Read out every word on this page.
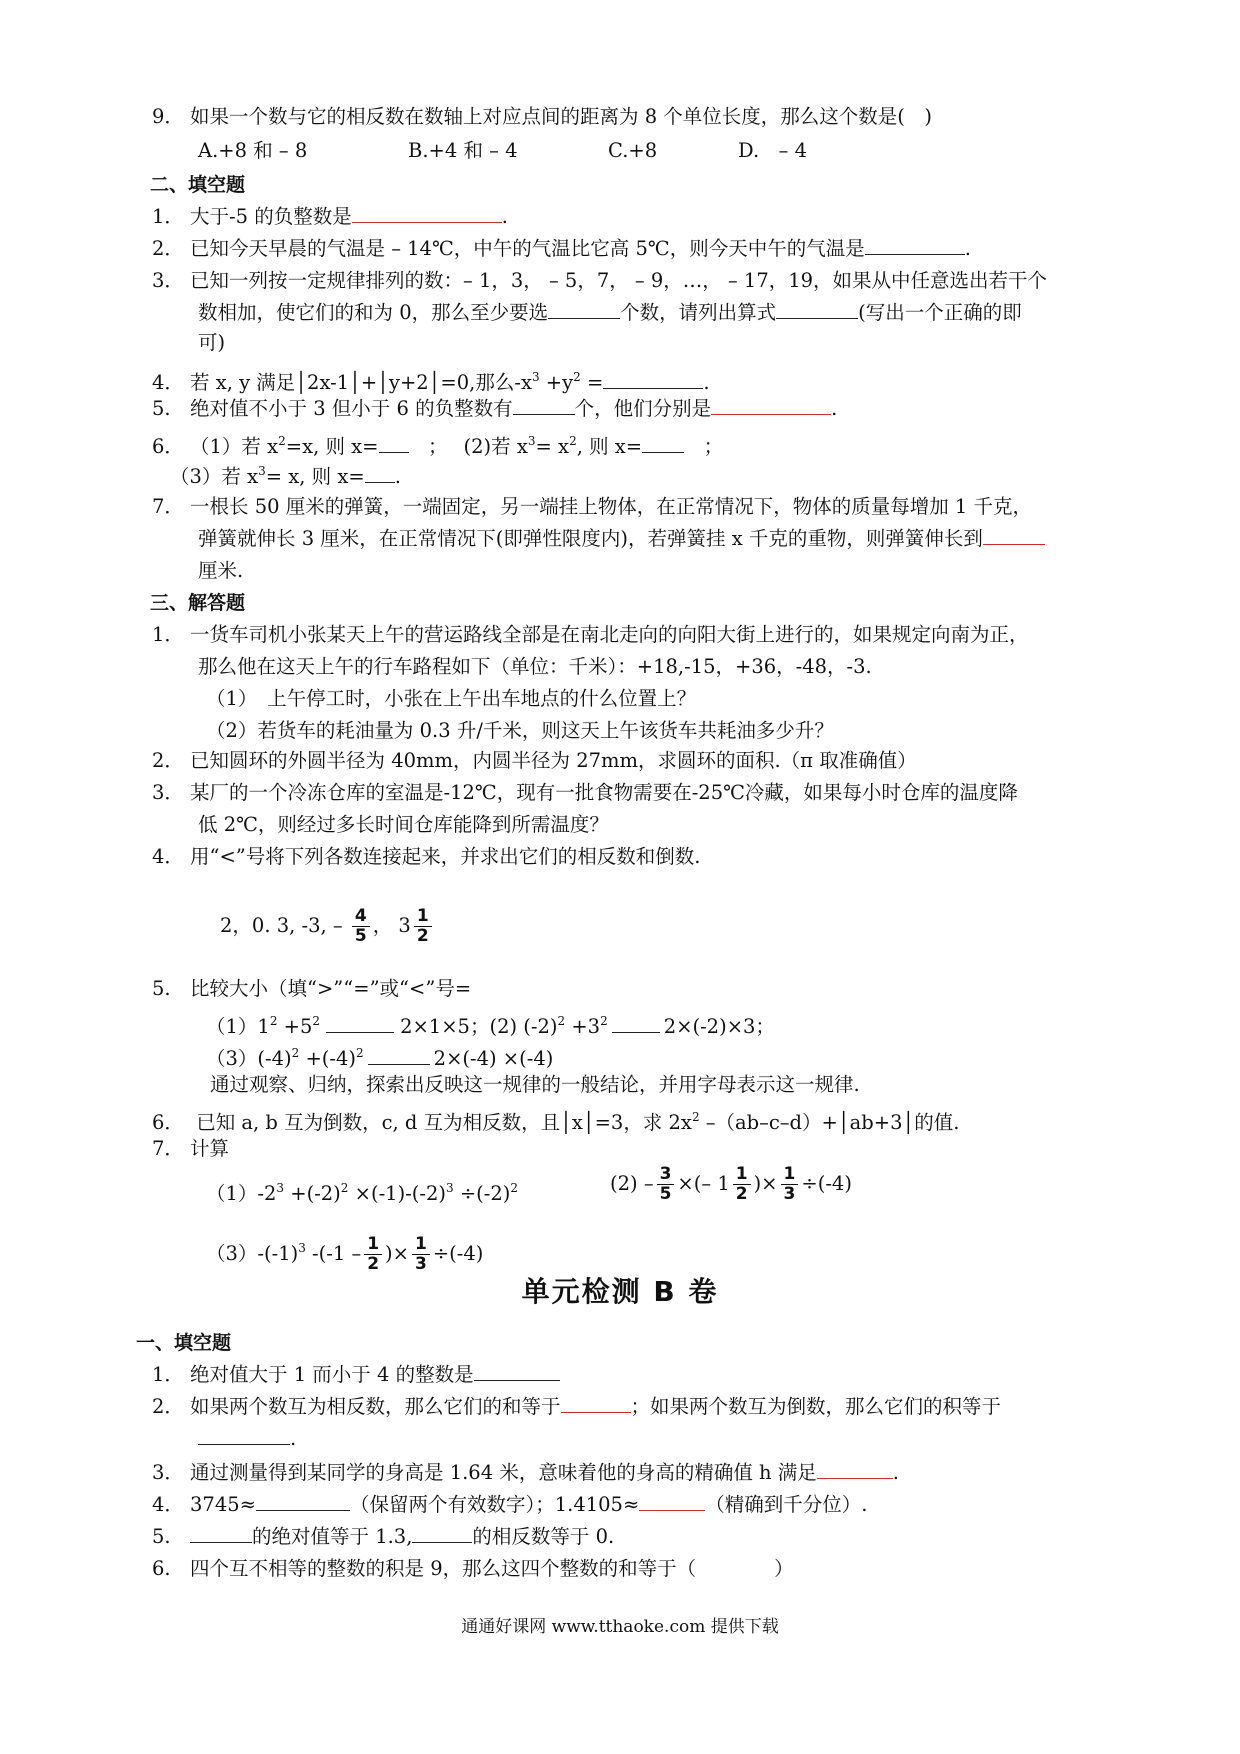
9． 如果一个数与它的相反数在数轴上对应点间的距离为 8 个单位长度，那么这个数是(　)
A.+8 和 – 8	B.+4 和 – 4	C.+8	D.　– 4
二、填空题
1． 大于-5 的负整数是	.
2． 已知今天早晨的气温是 – 14℃，中午的气温比它高 5℃，则今天中午的气温是	.
3． 已知一列按一定规律排列的数：– 1，3， – 5，7， – 9，…， – 17，19，如果从中任意选出若干个
数相加，使它们的和为 0，那么至少要选	个数，请列出算式	(写出一个正确的即
可)
4． 若 x, y 满足│2x-1│+│y+2│=0,那么$-x^3 +y^2$ =	.
5. 绝对值不小于 3 但小于 6 的负整数有	个，他们分别是	.
6． （1）若 $x^2=x$, 则 x=　； (2)若 $x^3= x^2$, 则 x=　；
（3）若 $x^3= x$, 则 x= .
7． 一根长 50 厘米的弹簧，一端固定，另一端挂上物体，在正常情况下，物体的质量每增加 1 千克，
弹簧就伸长 3 厘米，在正常情况下(即弹性限度内)，若弹簧挂 x 千克的重物，则弹簧伸长到
厘米.
三、解答题
1． 一货车司机小张某天上午的营运路线全部是在南北走向的向阳大街上进行的，如果规定向南为正，
那么他在这天上午的行车路程如下（单位：千米）：+18,-15，+36，-48，-3.
（1）　上午停工时，小张在上午出车地点的什么位置上？
（2）若货车的耗油量为 0.3 升/千米，则这天上午该货车共耗油多少升？
2． 已知圆环的外圆半径为 40mm，内圆半径为 27mm，求圆环的面积.（π 取准确值）
3． 某厂的一个冷冻仓库的室温是-12℃，现有一批食物需要在-25℃冷藏，如果每小时仓库的温度降
低 2℃，则经过多长时间仓库能降到所需温度？
4． 用“<”号将下列各数连接起来，并求出它们的相反数和倒数.
2，0. 3, -3, – $\frac{4}{5}$ ， $3 \frac{1}{2}$
5. 比较大小（填“>”“=”或“<”号=
$(1)1^2 +5^2$	2×1×5；(2) $(-2)^2 +3^2$	2×(-2)×3；
$(3)(-4)^2 +(-4)^2$	2×(-4) ×(-4)
通过观察、归纳，探索出反映这一规律的一般结论，并用字母表示这一规律.
6． 已知 a, b 互为倒数，c, d 互为相反数，且│x│=3，求 $2x^2$ –（ab–c–d）+│ab+3│的值.
7． 计算
$(1)-2^3 +(-2)^2 \times(-1)-(-2)^3 \div(-2)^2$	$(2) - \frac{3}{5}$ ×(– $1 \frac{1}{2}$ )× $\frac{1}{3} \div(-4)$
$(3)-(-1)^3$ $-(-1 - \frac{1}{2}$ )× $\frac{1}{3} \div(-4)$
单元检测 B 卷
一、填空题
1． 绝对值大于 1 而小于 4 的整数是
2． 如果两个数互为相反数，那么它们的和等于	；如果两个数互为倒数，那么它们的积等于
.
3． 通过测量得到某同学的身高是 1.64 米，意味着他的身高的精确值 h 满足	.
4． 3745≈	（保留两个有效数字）；1.4105≈	（精确到千分位）.
5.	的绝对值等于 1.3,	的相反数等于 0.
6. 四个互不相等的整数的积是 9，那么这四个整数的和等于（　　　　）
通通好课网 www.tthaoke.com 提供下载
